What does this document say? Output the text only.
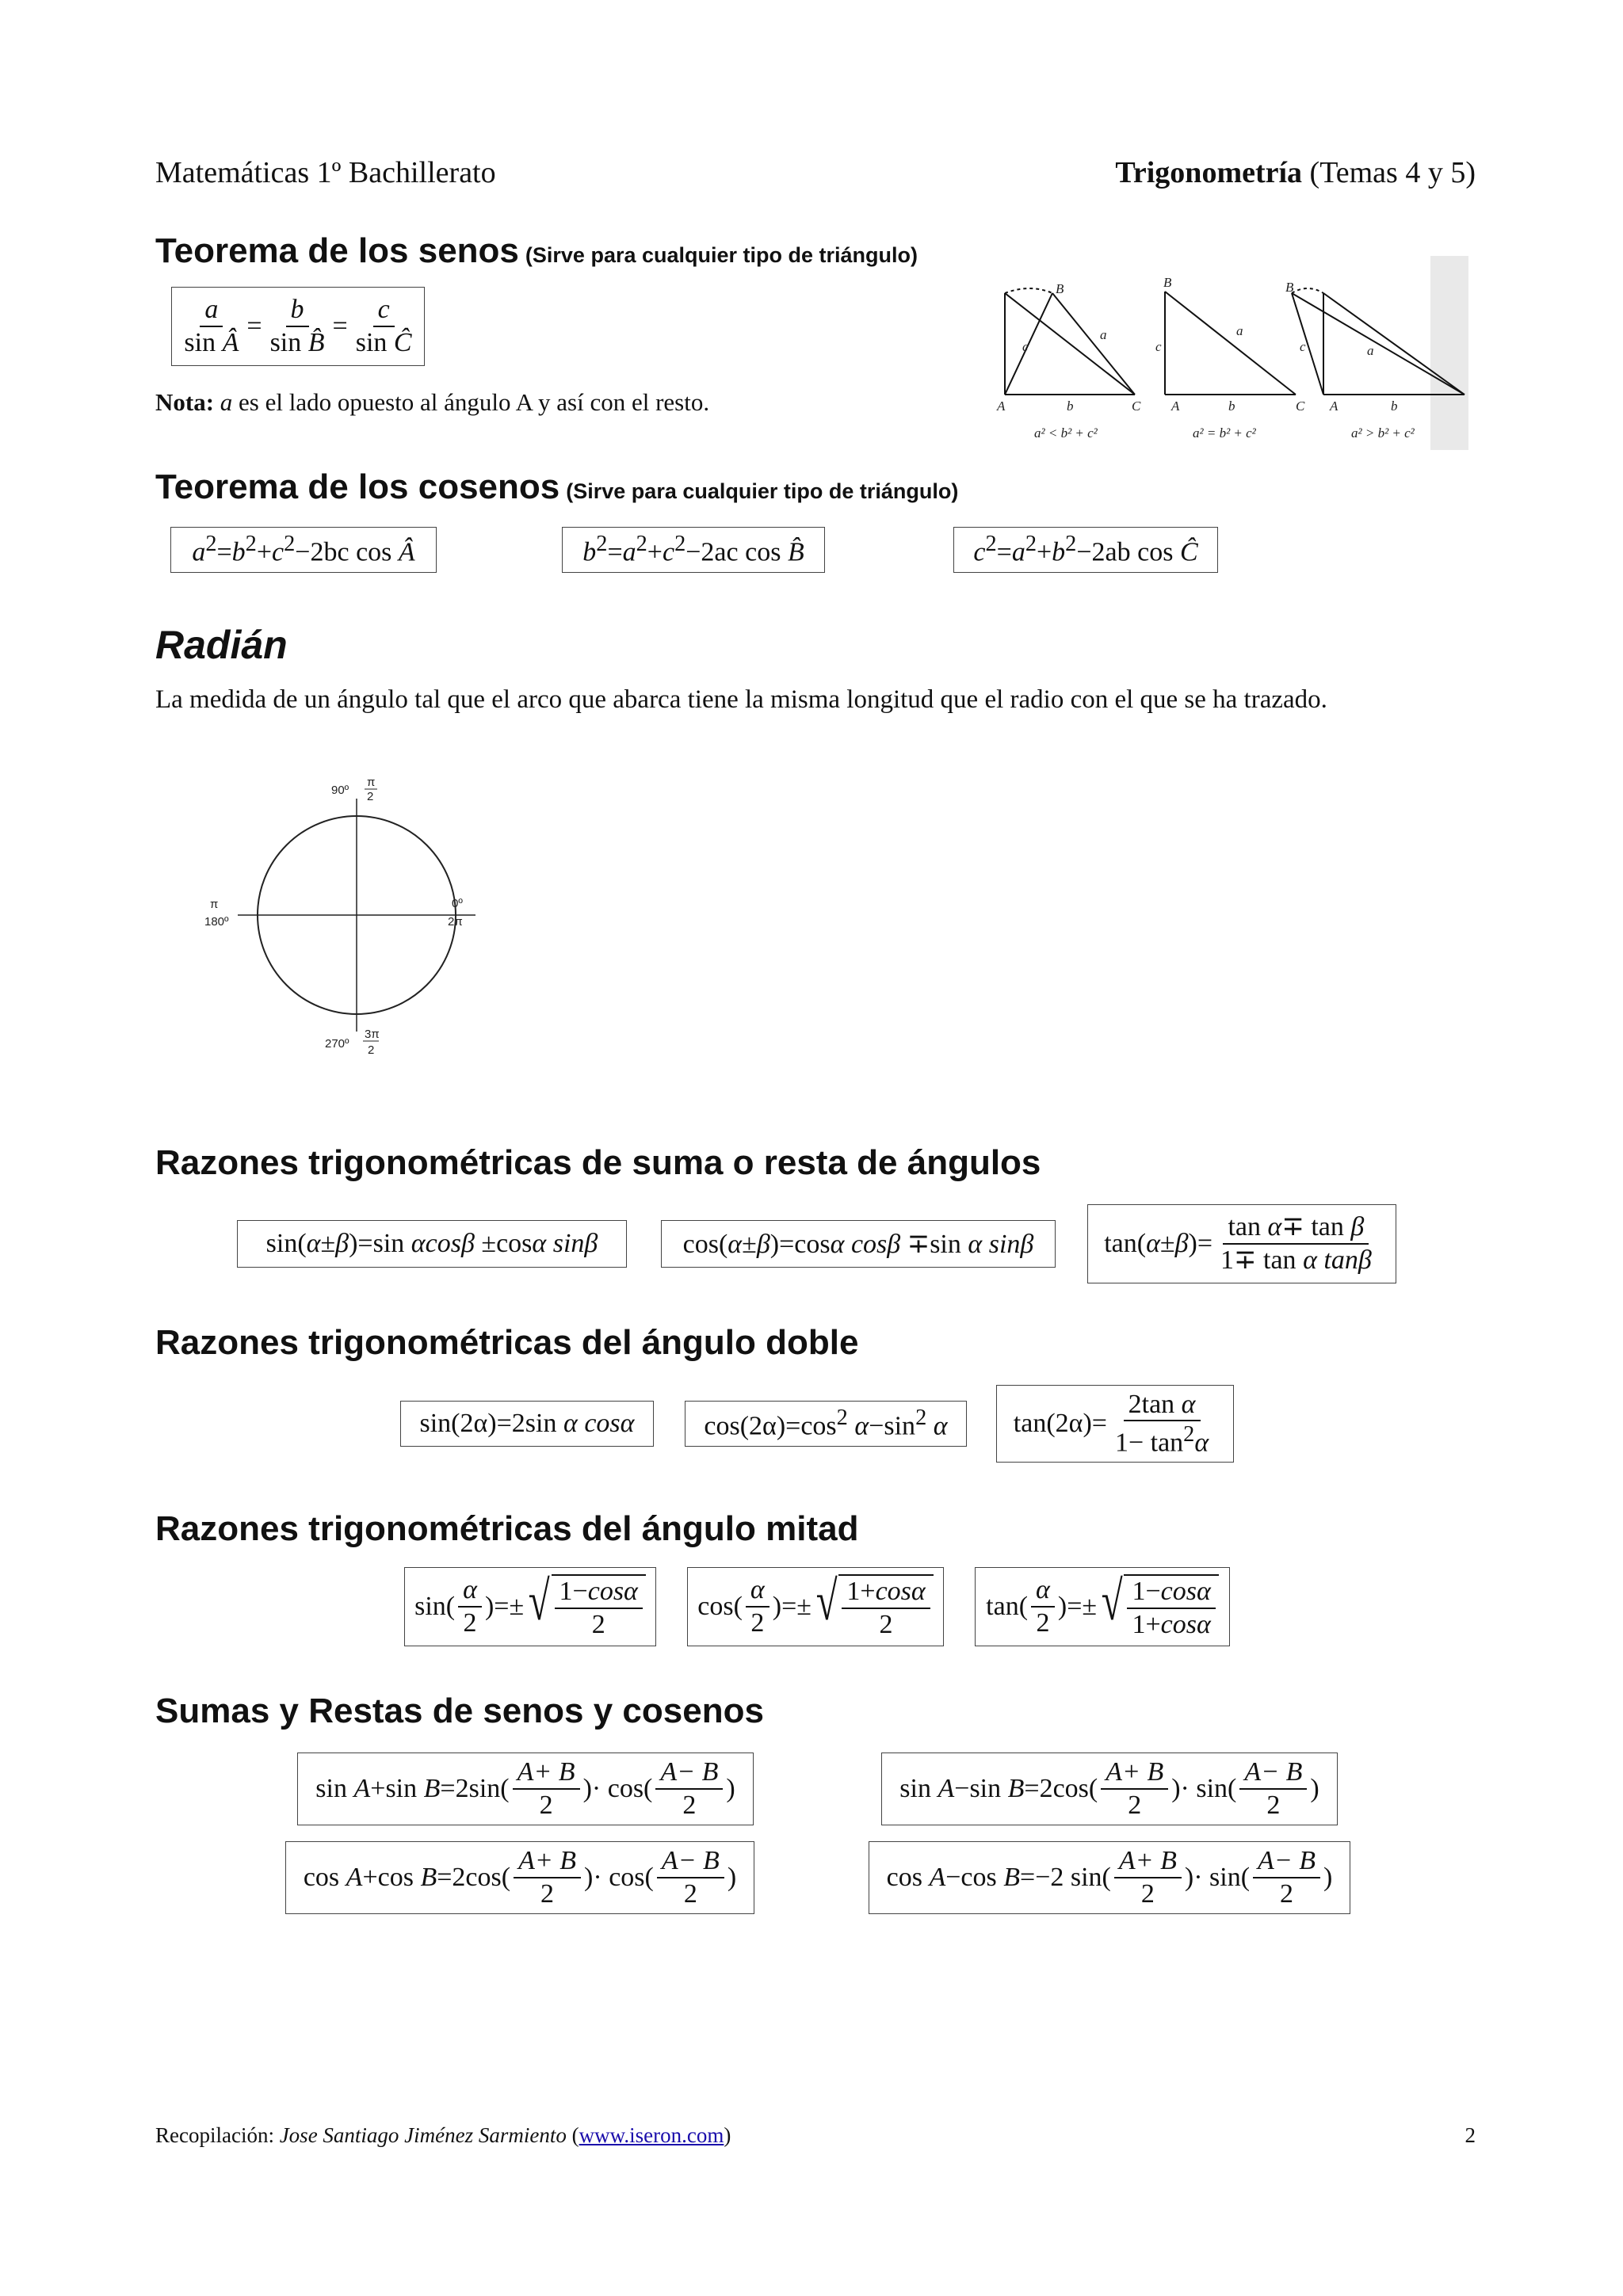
Matemáticas 1º Bachillerato	Trigonometría (Temas 4 y 5)
Teorema de los senos (Sirve para cualquier tipo de triángulo)
$\frac{a}{\text{sin Â}} = \frac{b}{\text{sin B̂}} = \frac{c}{\text{sin Ĉ}}$
Nota: a es el lado opuesto al ángulo A y así con el resto.	A
B
C
b
c
a
B
A	C
b
c
a
B
A	b
c	a
a² < b² + c²	a² = b² + c²	a² > b² + c²
Teorema de los cosenos (Sirve para cualquier tipo de triángulo)
$a^2=b^2+c^2-2bc$ cos Â	$b^2=a^2+c^2-2ac$ cos B̂	$c^2=a^2+b^2-2ab$ cos Ĉ
Radián
La medida de un ángulo tal que el arco que abarca tiene la misma longitud que el radio con el que se ha trazado.
90º
π
2
0º
2π
π
180º
270º
3π
2
Razones trigonométricas de suma o resta de ángulos
sin(α±β)=sin αcosβ ±cosα sinβ	cos(α±β)=cosα cosβ ∓sin α sinβ	$\tan(\alpha\pm\beta)= \frac{\text{tan α∓ tan β}}{\text{1∓ tan α tanβ}}$
Razones trigonométricas del ángulo doble
sin(2α)=2sin α cosα	$\cos(2\alpha)=\cos^2$ $\alpha-\sin^2$ α $\tan(2\alpha)= \frac{\text{2tan α}}{1- \tan^2\alpha}$
Razones trigonométricas del ángulo mitad
$\sin( \frac{\alpha}{2}$ )=± √ $\frac{1-\cos\alpha}{2} \cos( \frac{\alpha}{2}$ )=± √ $\frac{1+\cos\alpha}{2} \tan( \frac{\alpha}{2}$ )=± √ $\frac{1-\cos\alpha}{1+\cos\alpha}$
Sumas y Restas de senos y cosenos
sin A+sin $B=2\sin( \frac{A+ B}{2}$ )· $\cos( \frac{A- B}{2}$ )	sin A−sin $B=2\cos( \frac{A+ B}{2}$ )· $\sin( \frac{A- B}{2}$ )
cos A+cos $B=2\cos( \frac{A+ B}{2}$ )· $\cos( \frac{A- B}{2}$ )	cos A−cos B=−2 $\sin( \frac{A+ B}{2}$ )· $\sin( \frac{A- B}{2}$ )
Recopilación: Jose Santiago Jiménez Sarmiento (www.iseron.com)	2
